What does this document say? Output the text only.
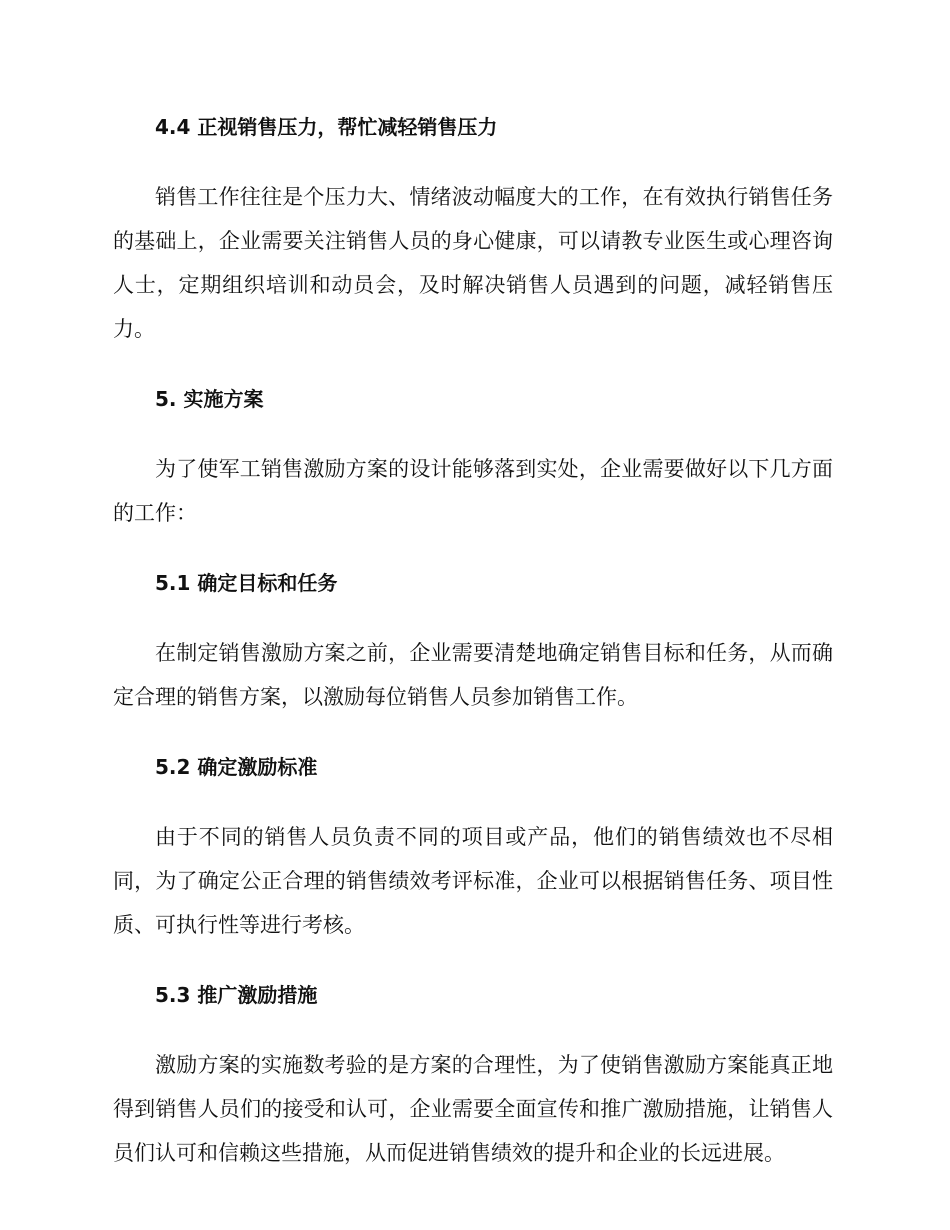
4.4 正视销售压力，帮忙减轻销售压力

销售工作往往是个压力大、情绪波动幅度大的工作，在有效执行销售任务的基础上，企业需要关注销售人员的身心健康，可以请教专业医生或心理咨询人士，定期组织培训和动员会，及时解决销售人员遇到的问题，减轻销售压力。

5. 实施方案

为了使军工销售激励方案的设计能够落到实处，企业需要做好以下几方面的工作：

5.1 确定目标和任务

在制定销售激励方案之前，企业需要清楚地确定销售目标和任务，从而确定合理的销售方案，以激励每位销售人员参加销售工作。

5.2 确定激励标准

由于不同的销售人员负责不同的项目或产品，他们的销售绩效也不尽相同，为了确定公正合理的销售绩效考评标准，企业可以根据销售任务、项目性质、可执行性等进行考核。

5.3 推广激励措施

激励方案的实施数考验的是方案的合理性，为了使销售激励方案能真正地得到销售人员们的接受和认可，企业需要全面宣传和推广激励措施，让销售人员们认可和信赖这些措施，从而促进销售绩效的提升和企业的长远进展。
